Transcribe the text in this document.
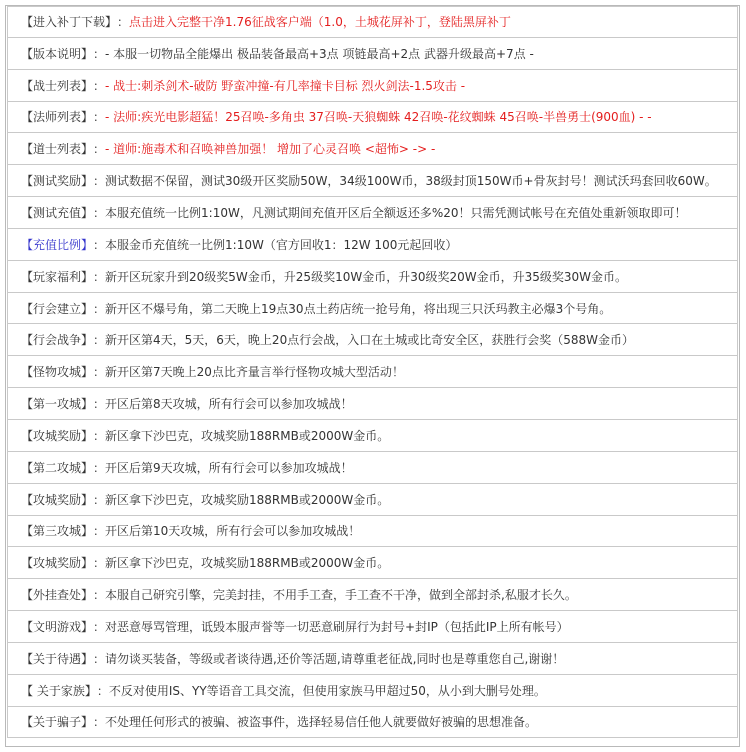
【进入补丁下载】 ： 点击进入完整干净1.76征战客户端（1.0，土城花屏补丁，登陆黑屏补丁
【版本说明】 ： - 本服一切物品全能爆出 极品装备最高+3点 项链最高+2点 武器升级最高+7点 -
【战士列表】 ： - 战士:刺杀剑术-破防 野蛮冲撞-有几率撞卡目标 烈火剑法-1.5攻击 -
【法师列表】 ： - 法师:疾光电影超猛！25召唤-多角虫 37召唤-天狼蜘蛛 42召唤-花纹蜘蛛 45召唤-半兽勇士(900血) - -
【道士列表】 ： - 道师:施毒术和召唤神兽加强！ 增加了心灵召唤 <超怖> -> -
【测试奖励】 ： 测试数据不保留，测试30级开区奖励50W，34级100W币，38级封顶150W币+骨灰封号！测试沃玛套回收60W。
【测试充值】 ： 本服充值统一比例1:10W，凡测试期间充值开区后全额返还多%20！只需凭测试帐号在充值处重新领取即可！
【充值比例】 ： 本服金币充值统一比例1:10W（官方回收1：12W 100元起回收）
【玩家福利】 ： 新开区玩家升到20级奖5W金币，升25级奖10W金币，升30级奖20W金币，升35级奖30W金币。
【行会建立】 ： 新开区不爆号角，第二天晚上19点30点土药店统一抢号角，将出现三只沃玛教主必爆3个号角。
【行会战争】 ： 新开区第4天，5天，6天，晚上20点行会战，入口在土城或比奇安全区，获胜行会奖（588W金币）
【怪物攻城】 ： 新开区第7天晚上20点比齐量言举行怪物攻城大型活动！
【第一攻城】 ： 开区后第8天攻城，所有行会可以参加攻城战！
【攻城奖励】 ： 新区拿下沙巴克，攻城奖励188RMB或2000W金币。
【第二攻城】 ： 开区后第9天攻城，所有行会可以参加攻城战！
【攻城奖励】 ： 新区拿下沙巴克，攻城奖励188RMB或2000W金币。
【第三攻城】 ： 开区后第10天攻城，所有行会可以参加攻城战！
【攻城奖励】 ： 新区拿下沙巴克，攻城奖励188RMB或2000W金币。
【外挂查处】 ： 本服自己研究引擎，完美封挂，不用手工查，手工查不干净，做到全部封杀,私服才长久。
【文明游戏】 ： 对恶意辱骂管理，诋毁本服声誉等一切恶意刷屏行为封号+封IP（包括此IP上所有帐号）
【关于待遇】 ： 请勿谈买装备，等级或者谈待遇,还价等活题,请尊重老征战,同时也是尊重您自己,谢谢！
【 关于家族】 ： 不反对使用IS、YY等语音工具交流，但使用家族马甲超过50，从小到大删号处理。
【关于骗子】 ： 不处理任何形式的被骗、被盗事件，选择轻易信任他人就要做好被骗的思想准备。
